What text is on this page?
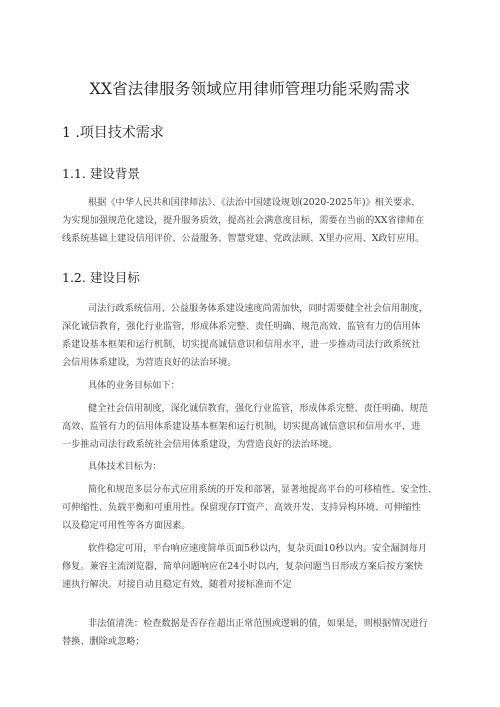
XX省法律服务领域应用律师管理功能采购需求
1 .项目技术需求
1.1. 建设背景
根据《中华人民共和国律师法》、《法治中国建设规划(2020-2025年)》相关要求，
为实现加强规范化建设，提升服务质效，提高社会满意度目标，需要在当前的XX省律师在
线系统基础上建设信用评价、公益服务、智慧党建、党政法顾、X里办应用、X政钉应用。
1.2. 建设目标
司法行政系统信用、公益服务体系建设速度尚需加快，同时需要健全社会信用制度，
深化诚信教育，强化行业监管，形成体系完整、责任明确、规范高效、监管有力的信用体
系建设基本框架和运行机制，切实提高诚信意识和信用水平，进一步推动司法行政系统社
会信用体系建设，为营造良好的法治环境。
具体的业务目标如下：
健全社会信用制度，深化诚信教育，强化行业监管，形成体系完整、责任明确、规范
高效、监管有力的信用体系建设基本框架和运行机制，切实提高诚信意识和信用水平，进
一步推动司法行政系统社会信用体系建设，为营造良好的法治环境。
具体技术目标为：
简化和规范多层分布式应用系统的开发和部署，显著地提高平台的可移植性、安全性、
可伸缩性、负载平衡和可重用性。保留现存IT资产、高效开发、支持异构环境、可伸缩性
以及稳定可用性等各方面因素。
软件稳定可用，平台响应速度简单页面5秒以内，复杂页面10秒以内。安全漏洞每月
修复。兼容主流浏览器，简单问题响应在24小时以内，复杂问题当日形成方案后按方案快
速执行解决。对接自动且稳定有效，随着对接标准而不定
非法值清洗：检查数据是否存在超出正常范围或逻辑的值，如果是，则根据情况进行
替换、删除或忽略；
